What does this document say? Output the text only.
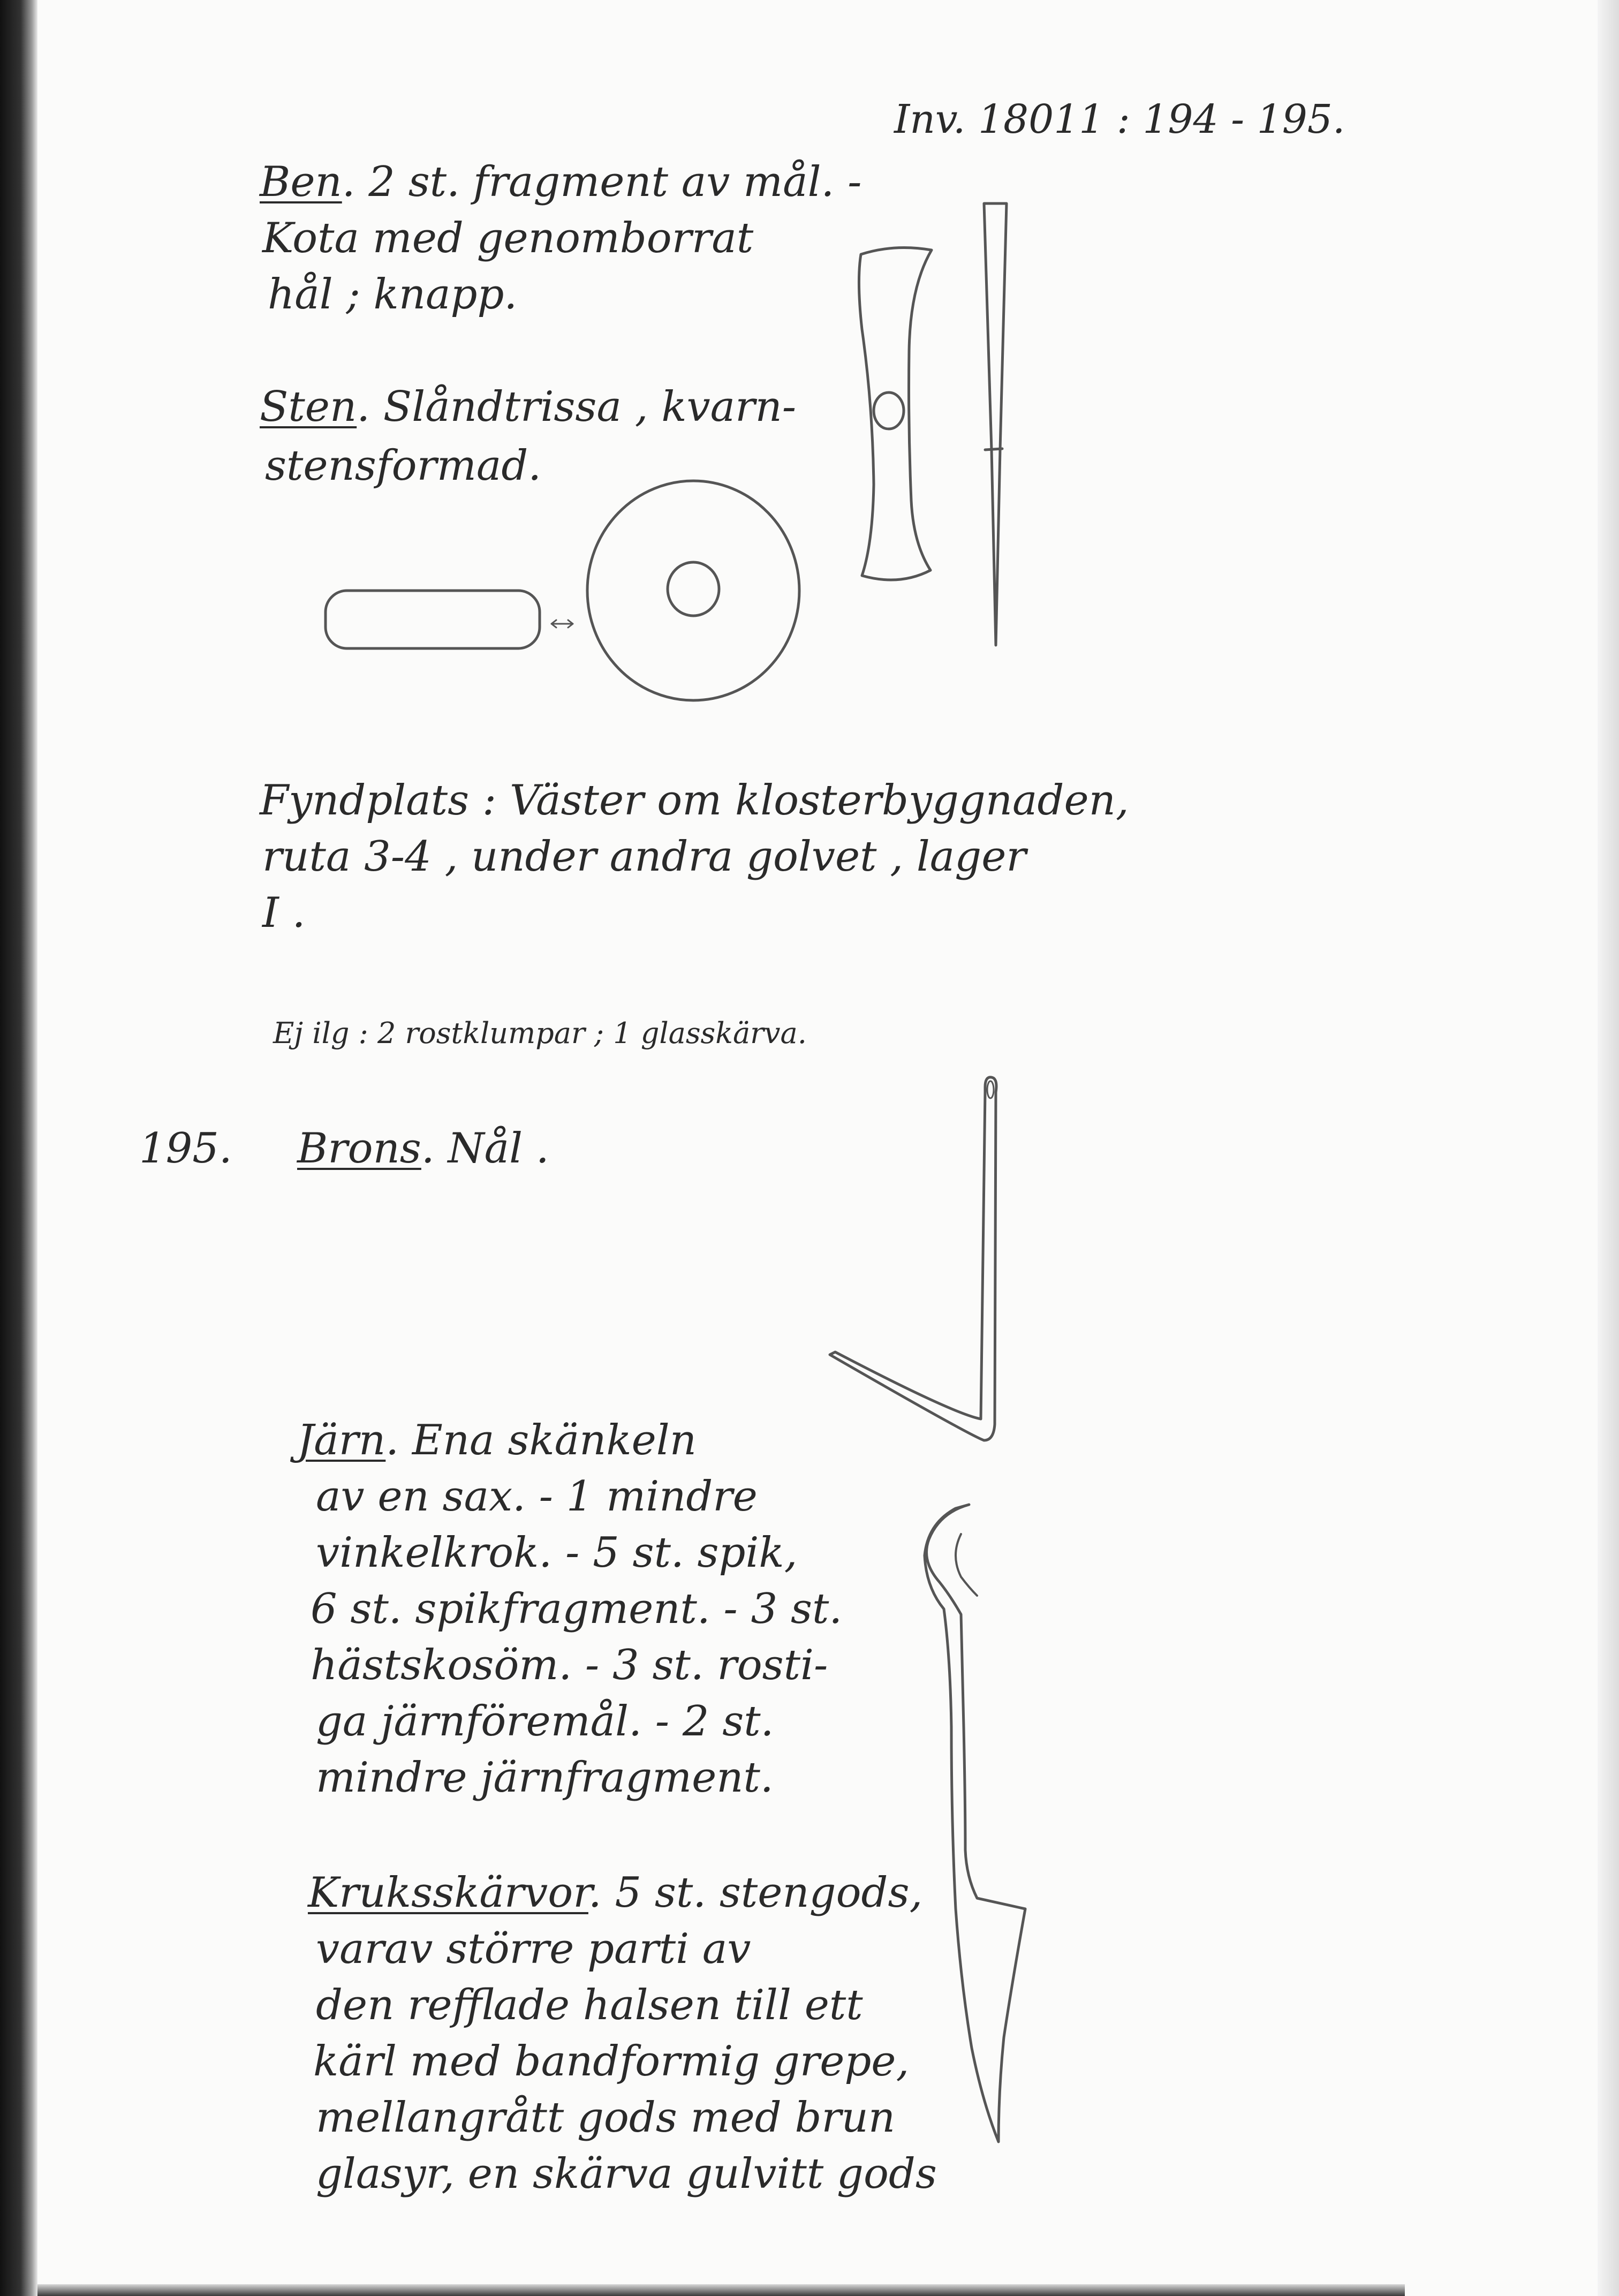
Inv. 18011 : 194 - 195.

Ben. 2 st. fragment av mål. -

Kota med genomborrat

hål ; knapp.

Sten. Slåndtrissa , kvarn-

stensformad.

Fyndplats : Väster om klosterbyggnaden,

ruta 3-4 , under andra golvet , lager

I .

Ej ilg : 2 rostklumpar ; 1 glasskärva.

195. Brons. Nål .

Järn. Ena skänkeln

av en sax. - 1 mindre

vinkelkrok. - 5 st. spik,

6 st. spikfragment. - 3 st.

hästskosöm. - 3 st. rosti-

ga järnföremål. - 2 st.

mindre järnfragment.

Kruksskärvor. 5 st. stengods,

varav större parti av

den refflade halsen till ett

kärl med bandformig grepe,

mellangrått gods med brun

glasyr, en skärva gulvitt gods
